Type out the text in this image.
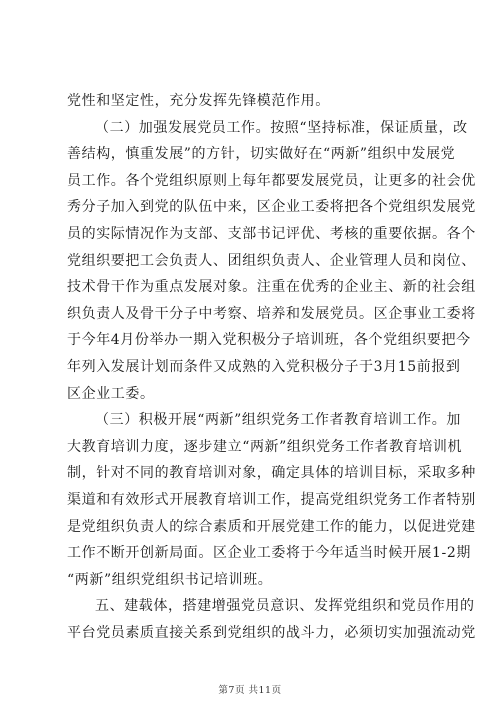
党性和坚定性，充分发挥先锋模范作用。
（二）加强发展党员工作。按照“坚持标准，保证质量，改
善结构，慎重发展”的方针，切实做好在“两新”组织中发展党
员工作。各个党组织原则上每年都要发展党员，让更多的社会优
秀分子加入到党的队伍中来，区企业工委将把各个党组织发展党
员的实际情况作为支部、支部书记评优、考核的重要依据。各个
党组织要把工会负责人、团组织负责人、企业管理人员和岗位、
技术骨干作为重点发展对象。注重在优秀的企业主、新的社会组
织负责人及骨干分子中考察、培养和发展党员。区企事业工委将
于今年4月份举办一期入党积极分子培训班，各个党组织要把今
年列入发展计划而条件又成熟的入党积极分子于3月15前报到
区企业工委。
（三）积极开展“两新”组织党务工作者教育培训工作。加
大教育培训力度，逐步建立“两新”组织党务工作者教育培训机
制，针对不同的教育培训对象，确定具体的培训目标，采取多种
渠道和有效形式开展教育培训工作，提高党组织党务工作者特别
是党组织负责人的综合素质和开展党建工作的能力，以促进党建
工作不断开创新局面。区企业工委将于今年适当时候开展1-2期
“两新”组织党组织书记培训班。
五、建载体，搭建增强党员意识、发挥党组织和党员作用的
平台党员素质直接关系到党组织的战斗力，必须切实加强流动党
第7页 共11页
